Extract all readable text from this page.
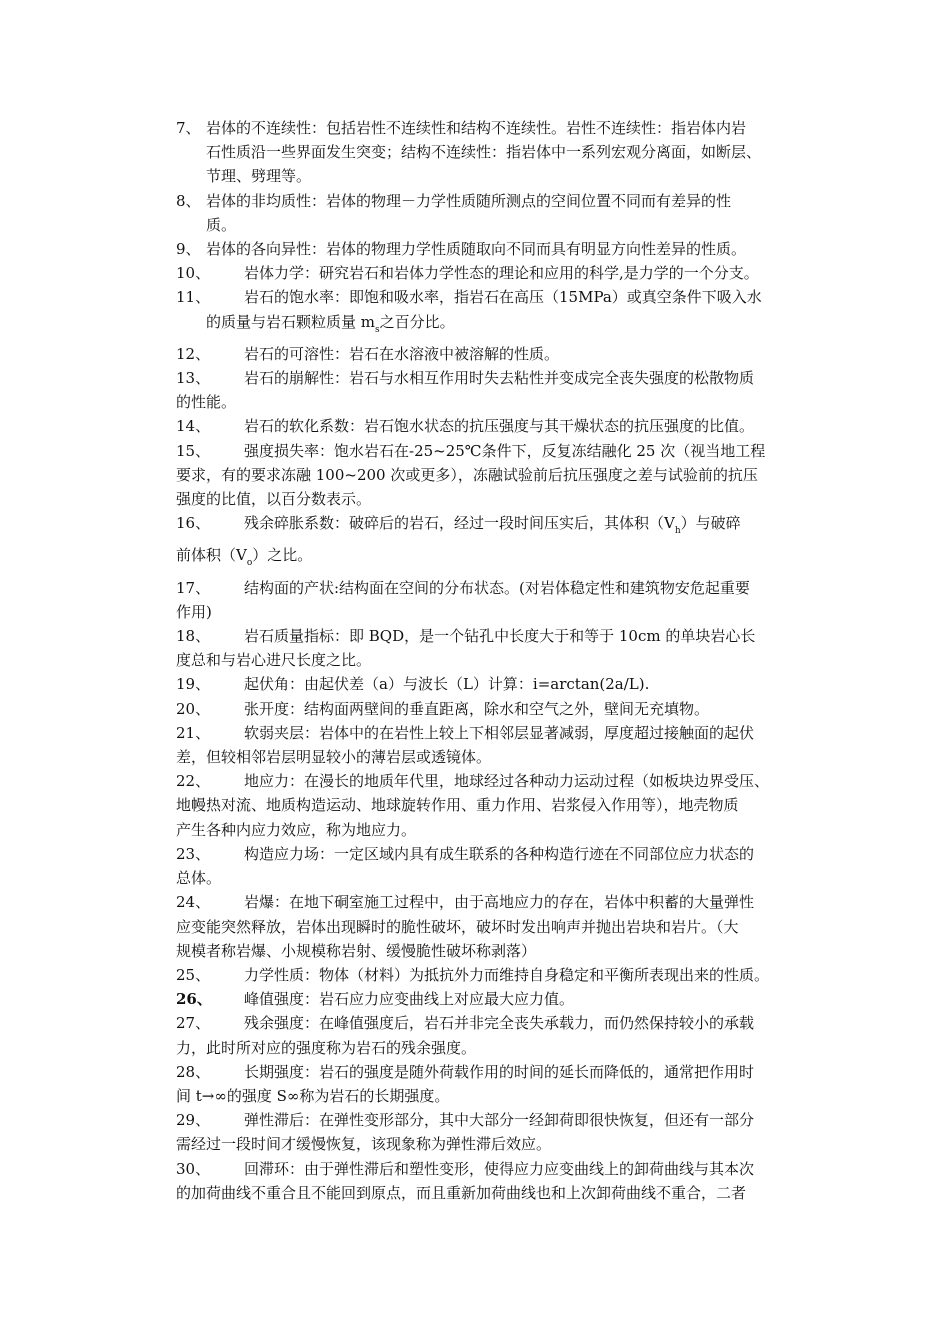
7、 岩体的不连续性：包括岩性不连续性和结构不连续性。岩性不连续性：指岩体内岩
石性质沿一些界面发生突变；结构不连续性：指岩体中一系列宏观分离面，如断层、
节理、劈理等。
8、 岩体的非均质性：岩体的物理－力学性质随所测点的空间位置不同而有差异的性
质。
9、 岩体的各向异性：岩体的物理力学性质随取向不同而具有明显方向性差异的性质。
10、	岩体力学：研究岩石和岩体力学性态的理论和应用的科学,是力学的一个分支。
11、	岩石的饱水率：即饱和吸水率，指岩石在高压（15MPa）或真空条件下吸入水
的质量与岩石颗粒质量 $m_s$之百分比。
12、	岩石的可溶性：岩石在水溶液中被溶解的性质。
13、	岩石的崩解性：岩石与水相互作用时失去粘性并变成完全丧失强度的松散物质
的性能。
14、	岩石的软化系数：岩石饱水状态的抗压强度与其干燥状态的抗压强度的比值。
15、	强度损失率：饱水岩石在-25~25℃条件下，反复冻结融化 25 次（视当地工程
要求，有的要求冻融 100~200 次或更多），冻融试验前后抗压强度之差与试验前的抗压
强度的比值，以百分数表示。
16、	残余碎胀系数：破碎后的岩石，经过一段时间压实后，其体积$(V_h)$与破碎
前体积$(V_o)$之比。
17、	结构面的产状:结构面在空间的分布状态。(对岩体稳定性和建筑物安危起重要
作用)
18、	岩石质量指标：即 BQD，是一个钻孔中长度大于和等于 10cm 的单块岩心长
度总和与岩心进尺长度之比。
19、	起伏角：由起伏差（a）与波长（L）计算：i=arctan(2a/L).
20、	张开度：结构面两壁间的垂直距离，除水和空气之外，壁间无充填物。
21、	软弱夹层：岩体中的在岩性上较上下相邻层显著减弱，厚度超过接触面的起伏
差，但较相邻岩层明显较小的薄岩层或透镜体。
22、	地应力：在漫长的地质年代里，地球经过各种动力运动过程（如板块边界受压、
地幔热对流、地质构造运动、地球旋转作用、重力作用、岩浆侵入作用等），地壳物质
产生各种内应力效应，称为地应力。
23、	构造应力场：一定区域内具有成生联系的各种构造行迹在不同部位应力状态的
总体。
24、	岩爆：在地下硐室施工过程中，由于高地应力的存在，岩体中积蓄的大量弹性
应变能突然释放，岩体出现瞬时的脆性破坏，破坏时发出响声并抛出岩块和岩片。（大
规模者称岩爆、小规模称岩射、缓慢脆性破坏称剥落）
25、	力学性质：物体（材料）为抵抗外力而维持自身稳定和平衡所表现出来的性质。
26、	峰值强度：岩石应力应变曲线上对应最大应力值。
27、	残余强度：在峰值强度后，岩石并非完全丧失承载力，而仍然保持较小的承载
力，此时所对应的强度称为岩石的残余强度。
28、	长期强度：岩石的强度是随外荷载作用的时间的延长而降低的，通常把作用时
间 t→∞的强度 S∞称为岩石的长期强度。
29、	弹性滞后：在弹性变形部分，其中大部分一经卸荷即很快恢复，但还有一部分
需经过一段时间才缓慢恢复，该现象称为弹性滞后效应。
30、	回滞环：由于弹性滞后和塑性变形，使得应力应变曲线上的卸荷曲线与其本次
的加荷曲线不重合且不能回到原点，而且重新加荷曲线也和上次卸荷曲线不重合，二者
